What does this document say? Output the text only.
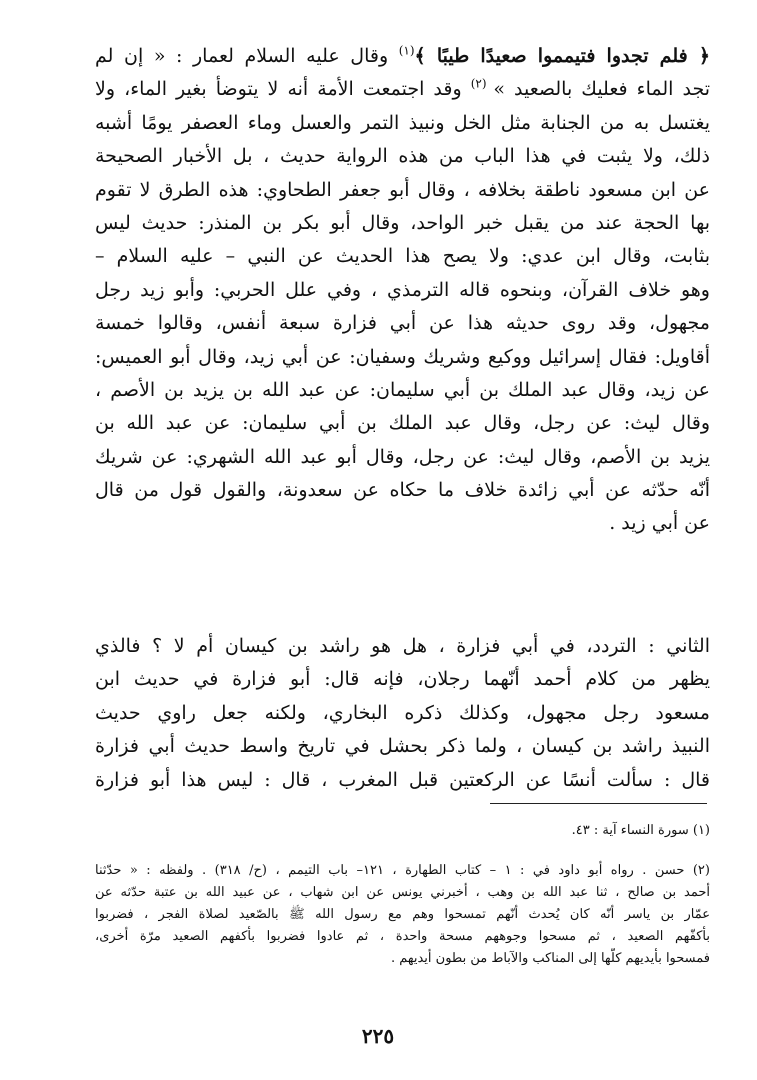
﴿ فلم تجدوا فتيمموا صعيدًا طيبًا ﴾$^{(١)}$ وقال عليه السلام لعمار : « إن لم
تجد الماء فعليك بالصعيد » $^{(٢)}$ وقد اجتمعت الأمة أنه لا يتوضأ بغير الماء، ولا
يغتسل به من الجنابة مثل الخل ونبيذ التمر والعسل وماء العصفر يومًا أشبه
ذلك، ولا يثبت في هذا الباب من هذه الرواية حديث ، بل الأخبار الصحيحة
عن ابن مسعود ناطقة بخلافه ، وقال أبو جعفر الطحاوي: هذه الطرق لا تقوم
بها الحجة عند من يقبل خبر الواحد، وقال أبو بكر بن المنذر: حديث ليس
بثابت، وقال ابن عدي: ولا يصح هذا الحديث عن النبي – عليه السلام –
وهو خلاف القرآن، وبنحوه قاله الترمذي ، وفي علل الحربي: وأبو زيد رجل
مجهول، وقد روى حديثه هذا عن أبي فزارة سبعة أنفس، وقالوا خمسة
أقاويل: فقال إسرائيل ووكيع وشريك وسفيان: عن أبي زيد، وقال أبو العميس:
عن زيد، وقال عبد الملك بن أبي سليمان: عن عبد الله بن يزيد بن الأصم ،
وقال ليث: عن رجل، وقال عبد الملك بن أبي سليمان: عن عبد الله بن
يزيد بن الأصم، وقال ليث: عن رجل، وقال أبو عبد الله الشهري: عن شريك
أنّه حدّثه عن أبي زائدة خلاف ما حكاه عن سعدونة، والقول قول من قال
عن أبي زيد .
الثاني : التردد، في أبي فزارة ، هل هو راشد بن كيسان أم لا ؟ فالذي
يظهر من كلام أحمد أنّهما رجلان، فإنه قال: أبو فزارة في حديث ابن
مسعود رجل مجهول، وكذلك ذكره البخاري، ولكنه جعل راوي حديث
النبيذ راشد بن كيسان ، ولما ذكر بحشل في تاريخ واسط حديث أبي فزارة
قال : سألت أنسًا عن الركعتين قبل المغرب ، قال : ليس هذا أبو فزارة
(١) سورة النساء آية : ٤٣.
(٢) حسن . رواه أبو داود في : ١ – كتاب الطهارة ، ١٢١– باب التيمم ، (ح/ ٣١٨) . ولفظه : « حدّثنا
أحمد بن صالح ، ثنا عبد الله بن وهب ، أخبرني يونس عن ابن شهاب ، عن عبيد الله بن عتبة حدّثه عن
عمّار بن ياسر أنّه كان يُحدث أنّهم تمسحوا وهم مع رسول الله ﷺ بالصّعيد لصلاة الفجر ، فضربوا
بأكفّهم الصعيد ، ثم مسحوا وجوههم مسحة واحدة ، ثم عادوا فضربوا بأكفهم الصعيد مرّة أخرى،
فمسحوا بأيديهم كلّها إلى المناكب والآباط من بطون أيديهم .
٢٢٥
